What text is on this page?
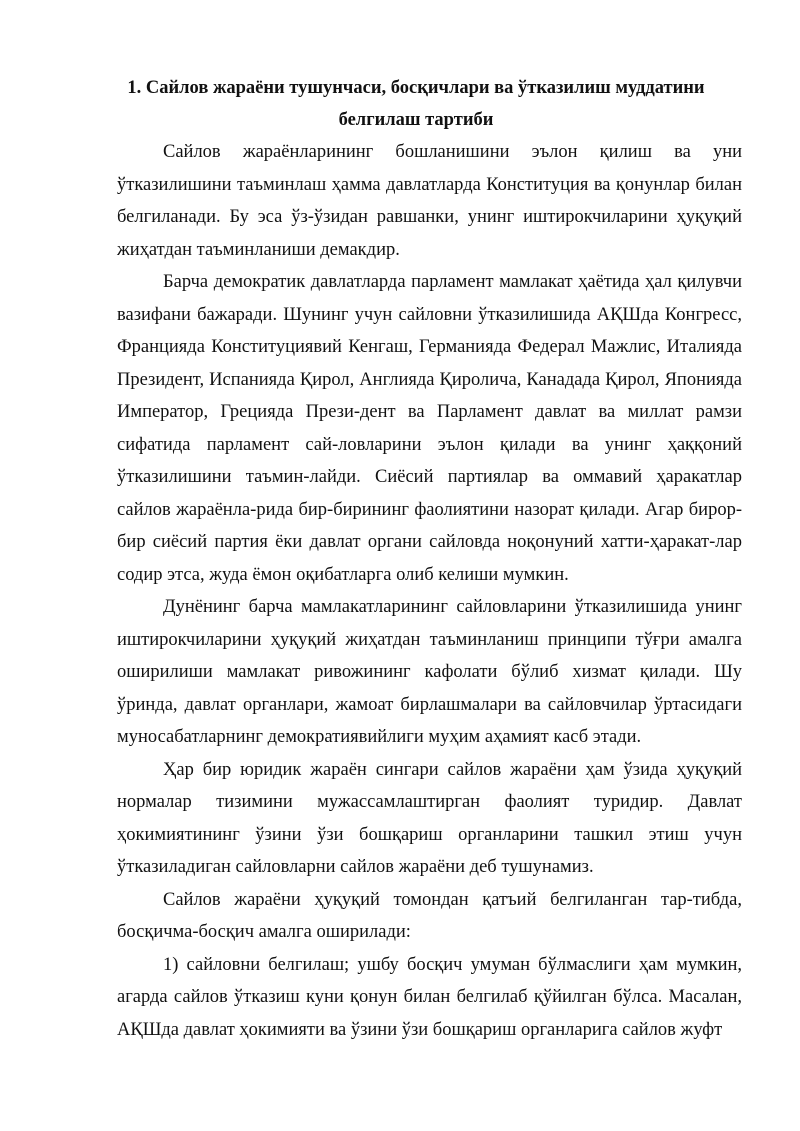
1. Сайлов жараёни тушунчаси, босқичлари ва ўтказилиш муддатини
белгилаш тартиби

Сайлов жараёнларининг бошланишини эълон қилиш ва уни ўтказилишини таъминлаш ҳамма давлатларда Конституция ва қонунлар билан белгиланади. Бу эса ўз-ўзидан равшанки, унинг иштирокчиларини ҳуқуқий жиҳатдан таъминланиши демакдир.

Барча демократик давлатларда парламент мамлакат ҳаётида ҳал қилувчи вазифани бажаради. Шунинг учун сайловни ўтказилишида АҚШда Конгресс, Францияда Конституциявий Кенгаш, Германияда Федерал Мажлис, Италияда Президент, Испанияда Қирол, Англияда Қиролича, Канадада Қирол, Японияда Император, Грецияда Прези-дент ва Парламент давлат ва миллат рамзи сифатида парламент сай-ловларини эълон қилади ва унинг ҳаққоний ўтказилишини таъмин-лайди. Сиёсий партиялар ва оммавий ҳаракатлар сайлов жараёнла-рида бир-бирининг фаолиятини назорат қилади. Агар бирор-бир сиёсий партия ёки давлат органи сайловда ноқонуний хатти-ҳаракат-лар содир этса, жуда ёмон оқибатларга олиб келиши мумкин.

Дунёнинг барча мамлакатларининг сайловларини ўтказилишида унинг иштирокчиларини ҳуқуқий жиҳатдан таъминланиш принципи тўғри амалга оширилиши мамлакат ривожининг кафолати бўлиб хизмат қилади. Шу ўринда, давлат органлари, жамоат бирлашмалари ва сайловчилар ўртасидаги муносабатларнинг демократиявийлиги муҳим аҳамият касб этади.

Ҳар бир юридик жараён сингари сайлов жараёни ҳам ўзида ҳуқуқий нормалар тизимини мужассамлаштирган фаолият туридир. Давлат ҳокимиятининг ўзини ўзи бошқариш органларини ташкил этиш учун ўтказиладиган сайловларни сайлов жараёни деб тушунамиз.

Сайлов жараёни ҳуқуқий томондан қатъий белгиланган тар-тибда, босқичма-босқич амалга оширилади:

1) сайловни белгилаш; ушбу босқич умуман бўлмаслиги ҳам мумкин, агарда сайлов ўтказиш куни қонун билан белгилаб қўйилган бўлса. Масалан, АҚШда давлат ҳокимияти ва ўзини ўзи бошқариш органларига сайлов жуфт
